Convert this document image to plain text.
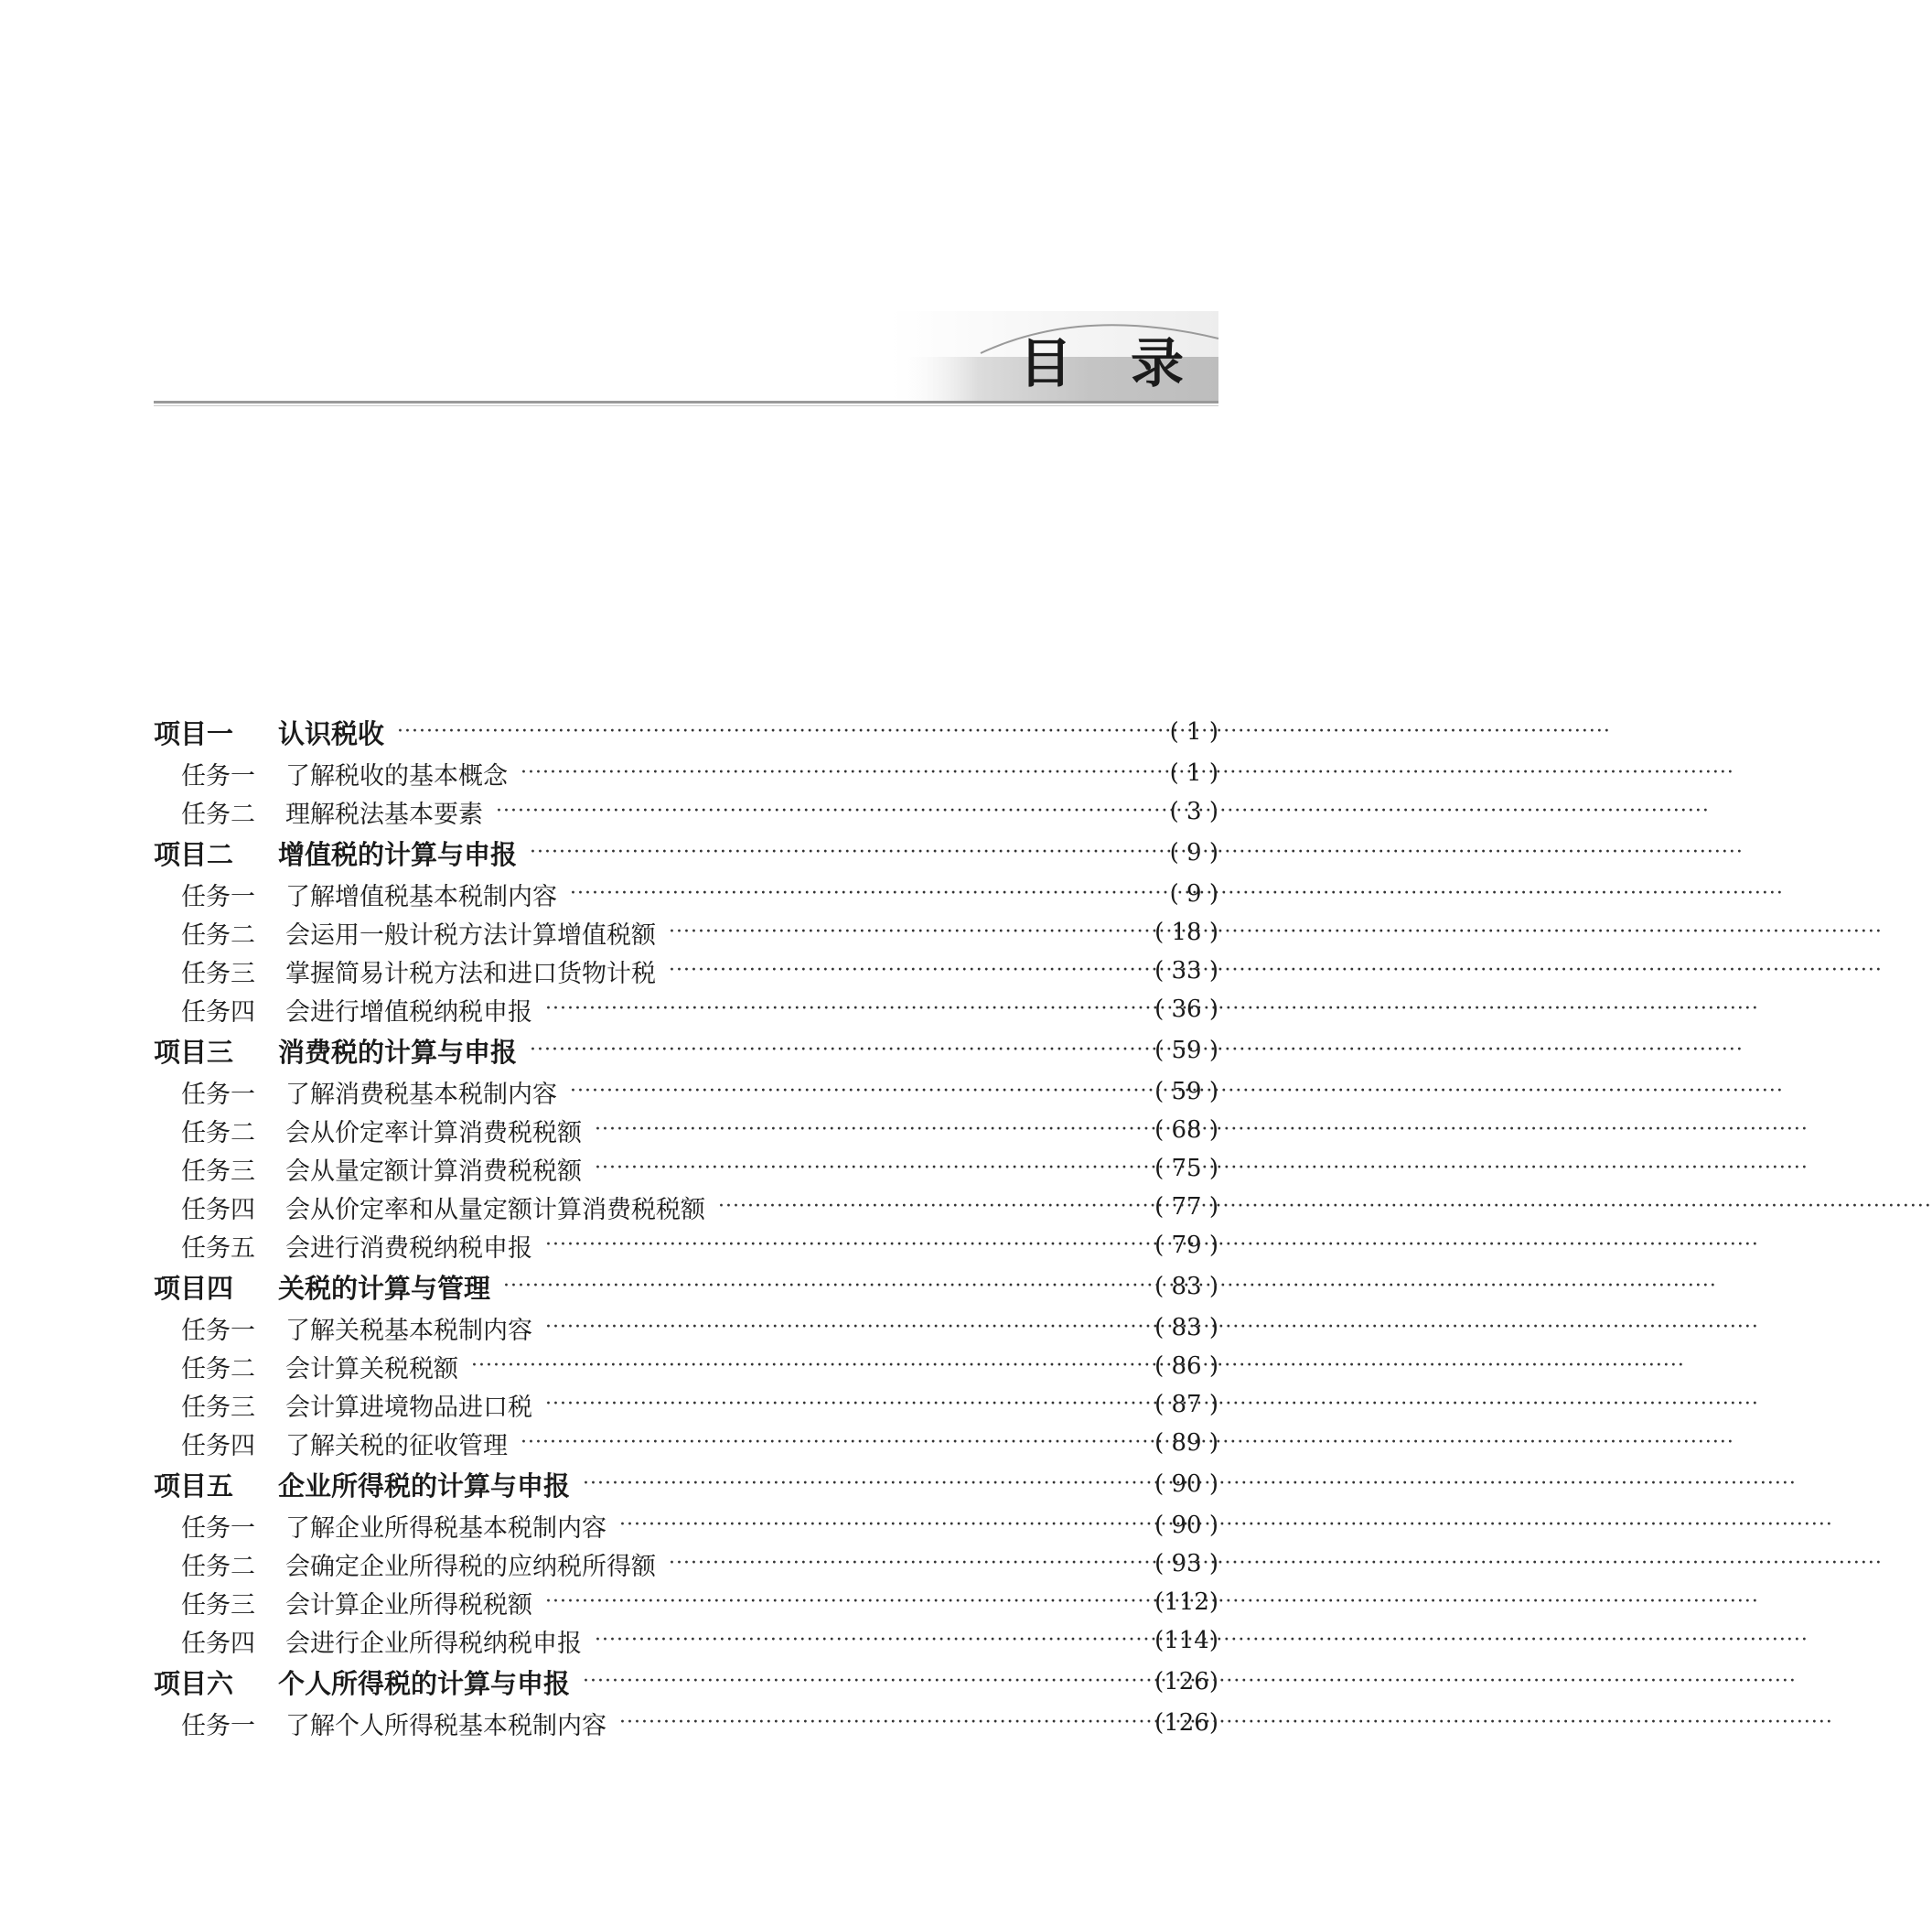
目录
项目一	认识税收 ·····	( 1 )
任务一	了解税收的基本概念 ·····	( 1 )
任务二	理解税法基本要素 ·····	( 3 )
项目二	增值税的计算与申报 ·····	( 9 )
任务一	了解增值税基本税制内容 ·····	( 9 )
任务二	会运用一般计税方法计算增值税额 ·····	( 18 )
任务三	掌握简易计税方法和进口货物计税 ·····	( 33 )
任务四	会进行增值税纳税申报 ·····	( 36 )
项目三	消费税的计算与申报 ·····	( 59 )
任务一	了解消费税基本税制内容 ·····	( 59 )
任务二	会从价定率计算消费税税额 ·····	( 68 )
任务三	会从量定额计算消费税税额 ·····	( 75 )
任务四	会从价定率和从量定额计算消费税税额 ·····	( 77 )
任务五	会进行消费税纳税申报 ·····	( 79 )
项目四	关税的计算与管理 ·····	( 83 )
任务一	了解关税基本税制内容 ·····	( 83 )
任务二	会计算关税税额 ·····	( 86 )
任务三	会计算进境物品进口税 ·····	( 87 )
任务四	了解关税的征收管理 ·····	( 89 )
项目五	企业所得税的计算与申报 ·····	( 90 )
任务一	了解企业所得税基本税制内容 ·····	( 90 )
任务二	会确定企业所得税的应纳税所得额 ·····	( 93 )
任务三	会计算企业所得税税额 ·····	(112)
任务四	会进行企业所得税纳税申报 ·····	(114)
项目六	个人所得税的计算与申报 ·····	(126)
任务一	了解个人所得税基本税制内容 ·····	(126)
